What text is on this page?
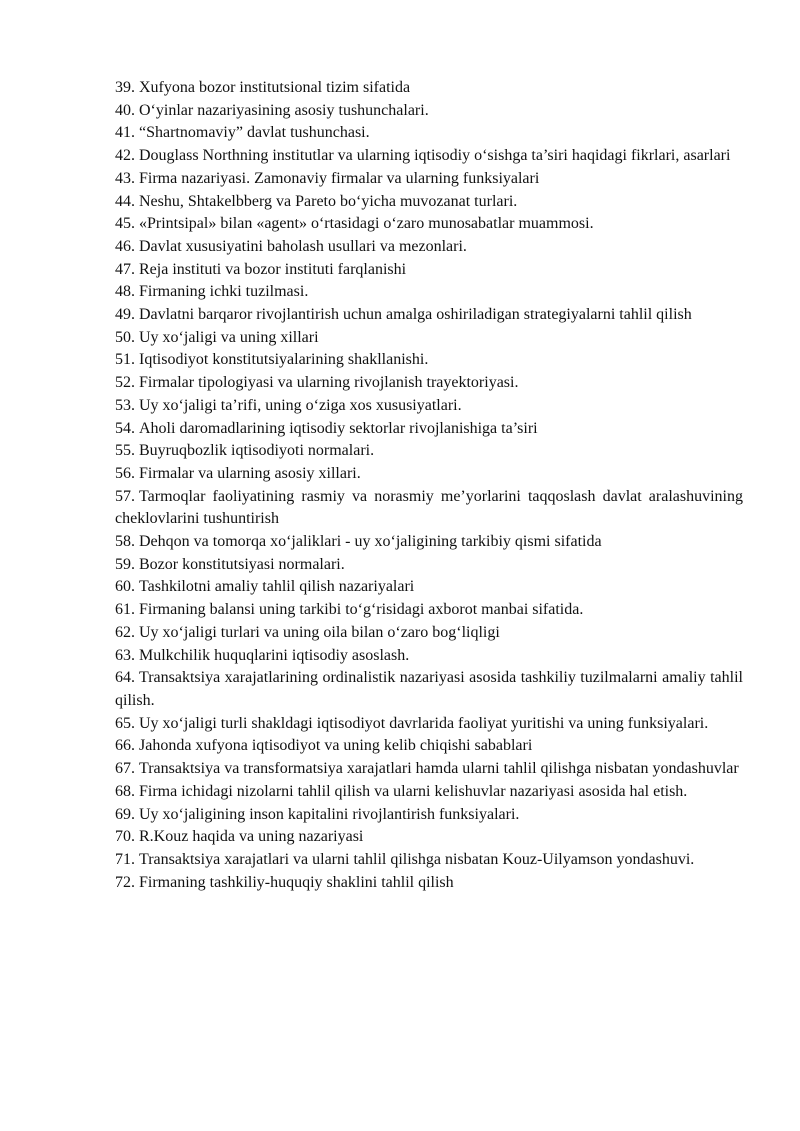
39. Xufyona bozor institutsional tizim sifatida

40. O‘yinlar nazariyasining asosiy tushunchalari.

41. “Shartnomaviy” davlat tushunchasi.

42. Douglass Northning institutlar va ularning iqtisodiy o‘sishga ta’siri haqidagi fikrlari, asarlari

43. Firma nazariyasi. Zamonaviy firmalar va ularning funksiyalari

44. Neshu, Shtakelbberg va Pareto bo‘yicha muvozanat turlari.

45. «Printsipal» bilan «agent» o‘rtasidagi o‘zaro munosabatlar muammosi.

46. Davlat xususiyatini baholash usullari va mezonlari.

47. Reja instituti va bozor instituti farqlanishi

48. Firmaning ichki tuzilmasi.

49. Davlatni barqaror rivojlantirish uchun amalga oshiriladigan strategiyalarni tahlil qilish

50. Uy xo‘jaligi va uning xillari

51. Iqtisodiyot konstitutsiyalarining shakllanishi.

52. Firmalar tipologiyasi va ularning rivojlanish trayektoriyasi.

53. Uy xo‘jaligi ta’rifi, uning o‘ziga xos xususiyatlari.

54. Aholi daromadlarining iqtisodiy sektorlar rivojlanishiga ta’siri

55. Buyruqbozlik iqtisodiyoti normalari.

56. Firmalar va ularning asosiy xillari.

57. Tarmoqlar faoliyatining rasmiy va norasmiy me’yorlarini taqqoslash davlat aralashuvining cheklovlarini tushuntirish

58. Dehqon va tomorqa xo‘jaliklari - uy xo‘jaligining tarkibiy qismi sifatida

59. Bozor konstitutsiyasi normalari.

60. Tashkilotni amaliy tahlil qilish nazariyalari

61. Firmaning balansi uning tarkibi to‘g‘risidagi axborot manbai sifatida.

62. Uy xo‘jaligi turlari va uning oila bilan o‘zaro bog‘liqligi

63. Mulkchilik huquqlarini iqtisodiy asoslash.

64. Transaktsiya xarajatlarining ordinalistik nazariyasi asosida tashkiliy tuzilmalarni amaliy tahlil qilish.

65. Uy xo‘jaligi turli shakldagi iqtisodiyot davrlarida faoliyat yuritishi va uning funksiyalari.

66. Jahonda xufyona iqtisodiyot va uning kelib chiqishi sabablari

67. Transaktsiya va transformatsiya xarajatlari hamda ularni tahlil qilishga nisbatan yondashuvlar

68. Firma ichidagi nizolarni tahlil qilish va ularni kelishuvlar nazariyasi asosida hal etish.

69. Uy xo‘jaligining inson kapitalini rivojlantirish funksiyalari.

70. R.Kouz haqida va uning nazariyasi

71. Transaktsiya xarajatlari va ularni tahlil qilishga nisbatan Kouz-Uilyamson yondashuvi.

72. Firmaning tashkiliy-huquqiy shaklini tahlil qilish
